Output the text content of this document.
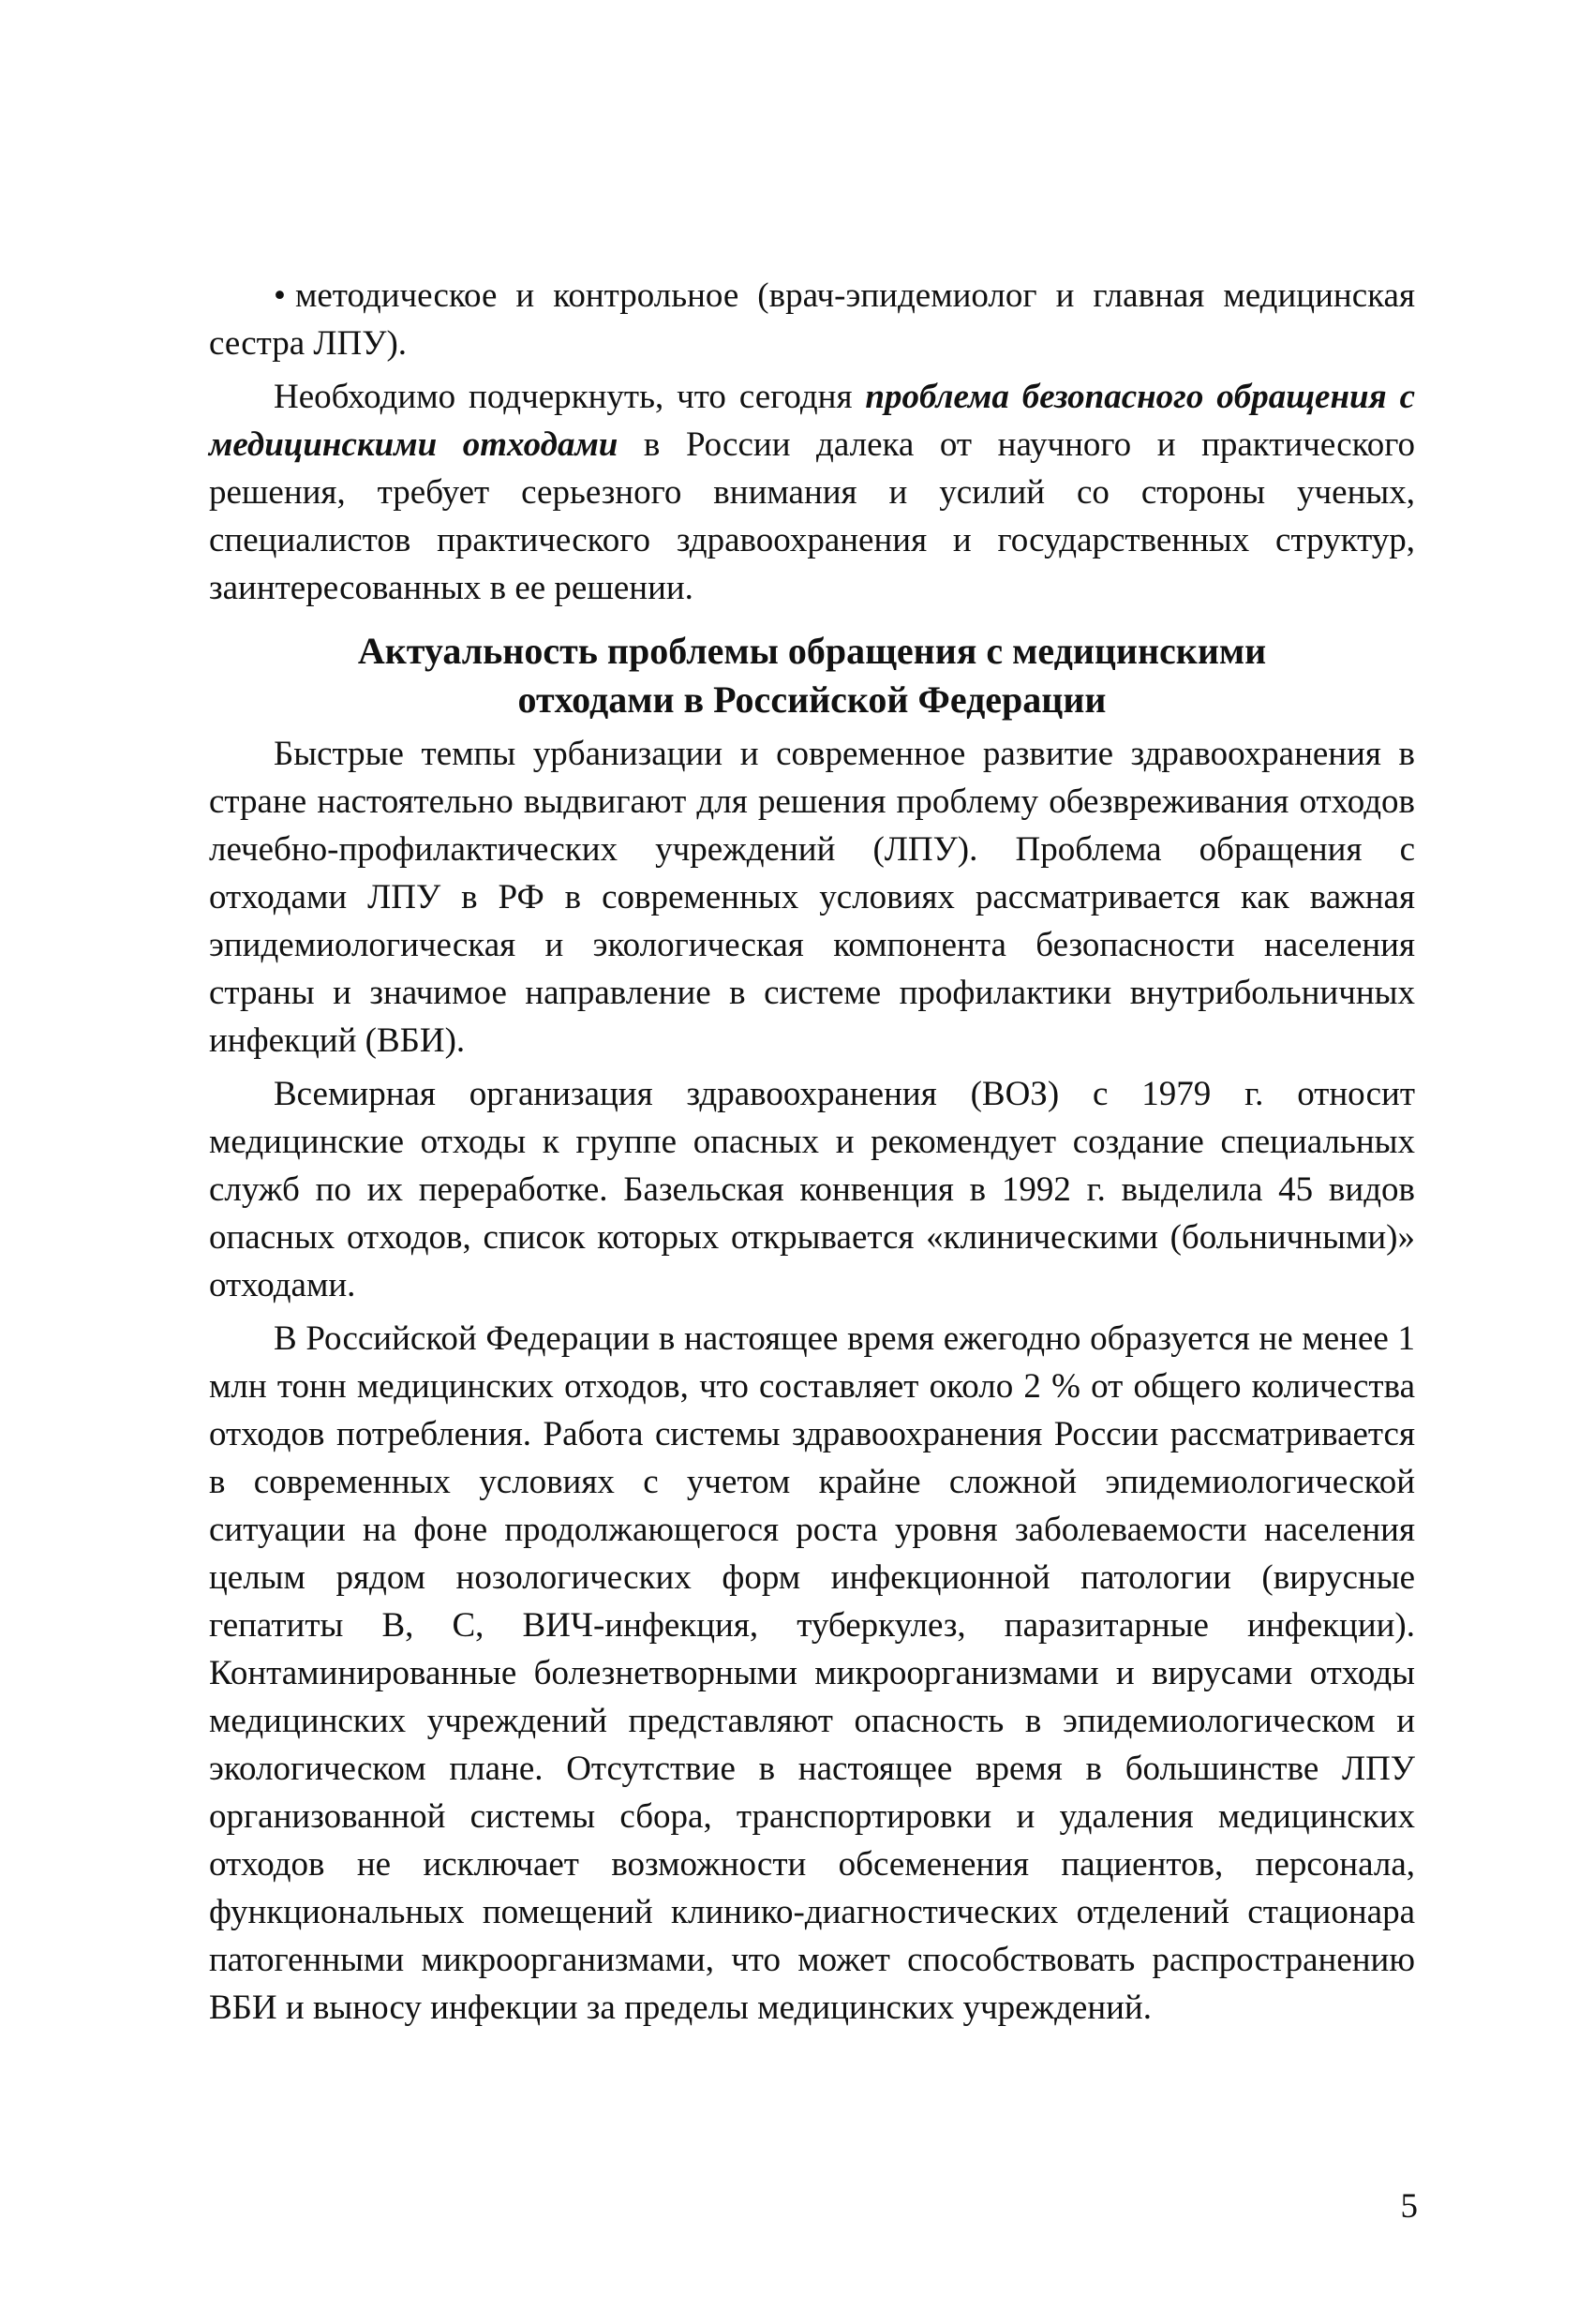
• методическое и контрольное (врач-эпидемиолог и главная медицинская сестра ЛПУ).

Необходимо подчеркнуть, что сегодня проблема безопасного обращения с медицинскими отходами в России далека от научного и практического решения, требует серьезного внимания и усилий со стороны ученых, специалистов практического здравоохранения и государственных структур, заинтересованных в ее решении.

Актуальность проблемы обращения с медицинскими
отходами в Российской Федерации

Быстрые темпы урбанизации и современное развитие здравоохранения в стране настоятельно выдвигают для решения проблему обезвреживания отходов лечебно-профилактических учреждений (ЛПУ). Проблема обращения с отходами ЛПУ в РФ в современных условиях рассматривается как важная эпидемиологическая и экологическая компонента безопасности населения страны и значимое направление в системе профилактики внутрибольничных инфекций (ВБИ).

Всемирная организация здравоохранения (ВОЗ) с 1979 г. относит медицинские отходы к группе опасных и рекомендует создание специальных служб по их переработке. Базельская конвенция в 1992 г. выделила 45 видов опасных отходов, список которых открывается «клиническими (больничными)» отходами.

В Российской Федерации в настоящее время ежегодно образуется не менее 1 млн тонн медицинских отходов, что составляет около 2 % от общего количества отходов потребления. Работа системы здравоохранения России рассматривается в современных условиях с учетом крайне сложной эпидемиологической ситуации на фоне продолжающегося роста уровня заболеваемости населения целым рядом нозологических форм инфекционной патологии (вирусные гепатиты В, С, ВИЧ-инфекция, туберкулез, паразитарные инфекции). Контаминированные болезнетворными микроорганизмами и вирусами отходы медицинских учреждений представляют опасность в эпидемиологическом и экологическом плане. Отсутствие в настоящее время в большинстве ЛПУ организованной системы сбора, транспортировки и удаления медицинских отходов не исключает возможности обсеменения пациентов, персонала, функциональных помещений клинико-диагностических отделений стационара патогенными микроорганизмами, что может способствовать распространению ВБИ и выносу инфекции за пределы медицинских учреждений.

5
